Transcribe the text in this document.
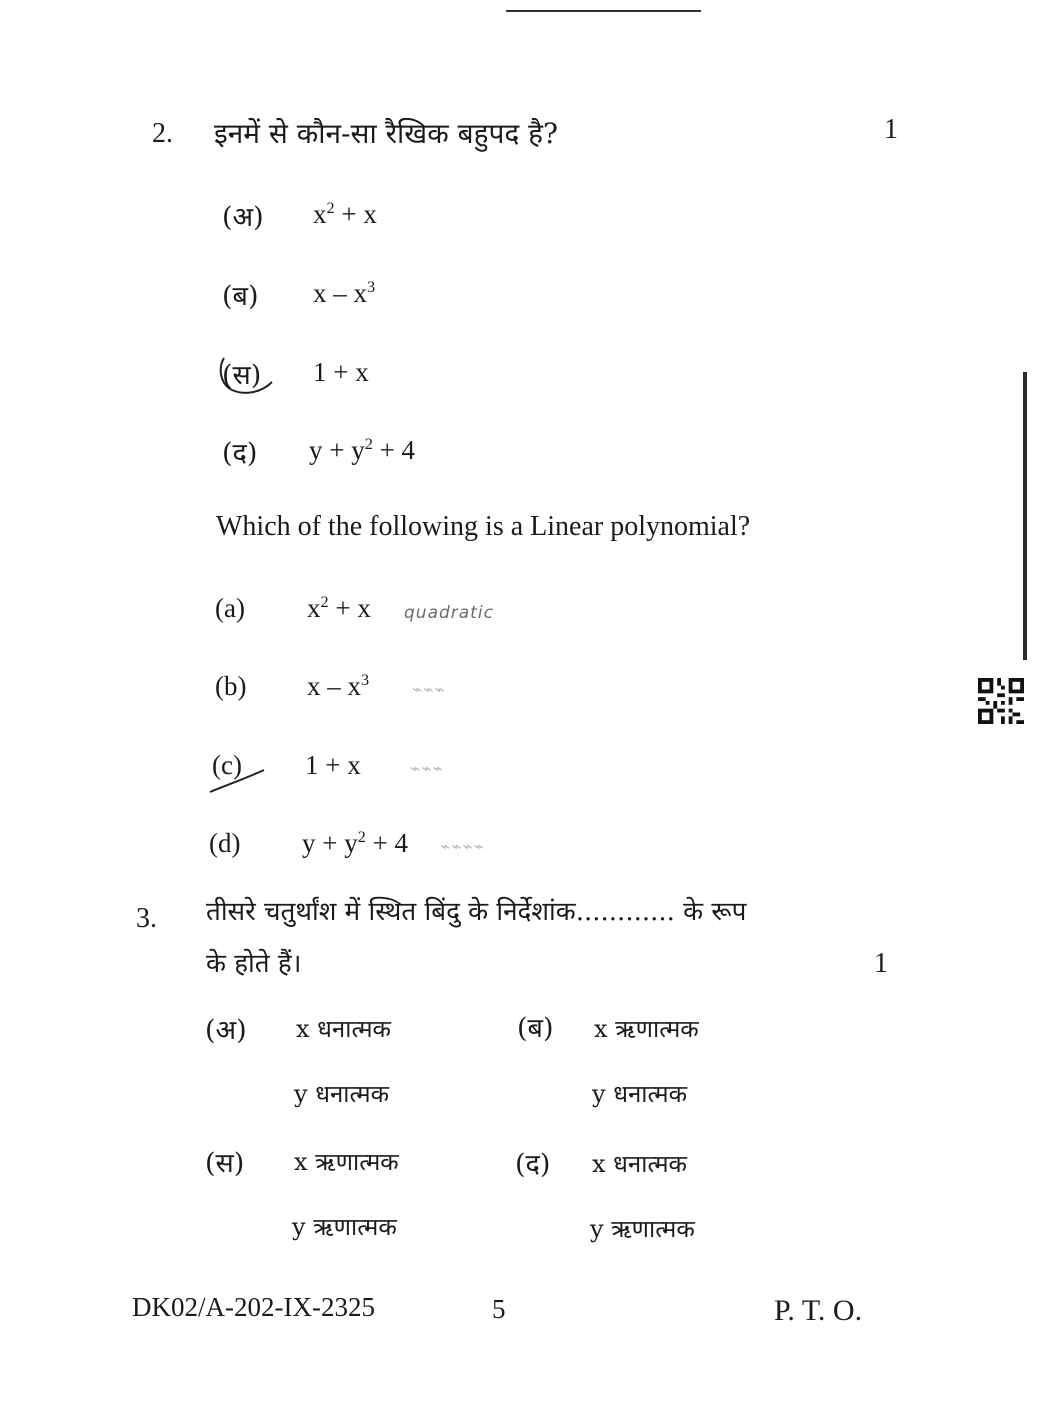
2. इनमें से कौन-सा रैखिक बहुपद है?	1
(अ) $x^2 + x$
(ब) x – $x^3$
(स) 1 + x
(द) $y + y^2 + 4$
Which of the following is a Linear polynomial?
(a) $x^2 + x$ quadratic
(b) x – $x^3$	⌁⌁⌁
(c) 1 + x	⌁⌁⌁
(d) $y + y^2 + 4$ ⌁⌁⌁⌁
3. तीसरे चतुर्थांश में स्थित बिंदु के निर्देशांक............ के रूप
के होते हैं।	1
(अ) x धनात्मक
y धनात्मक
(ब) x ऋणात्मक
y धनात्मक
(स) x ऋणात्मक
y ऋणात्मक
(द) x धनात्मक
y ऋणात्मक
DK02/A-202-IX-2325	5	P. T. O.
